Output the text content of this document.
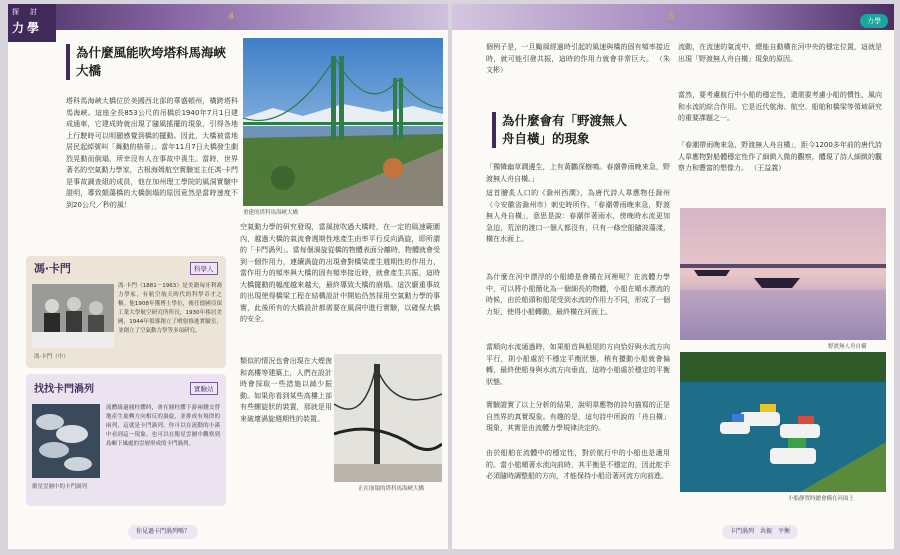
探　討
力學
4
為什麼風能吹垮塔科馬海峽
大橋
塔科馬海峽大橋位於美國西北部的華盛頓州，橫跨塔科馬海峽。這座全長853公尺的吊橋於1940年7月1日建成通車，它建成時就出現了隨風搖擺的現象，引得各地上行駛時可以明顯感覺到橋的擺動。因此，大橋被當地居民起綽號叫「舞動的格蒂」。當年11月7日大橋發生劇烈晃動而倒塌，所幸沒有人在事故中喪生。當時，世界著名的空氣動力學家，古根海姆航空實驗室主任馮‧卡門是事故調查組的成員，他在加州理工學院的風洞實驗中證明，導致顛蕩橋的大橋倒塌的原因竟然是當時速度不到20公尺／秒的風！
重建的塔科馬海峽大橋
馮‧卡門	科學人
馮‧卡門（中）
馮‧卡門（1881－1963）是美籍匈牙利裔力學家，有航空航天時代的科學奇才之稱。他1908年獲博士學位，後任德國亞琛工業大學航空研究所所長，1930年移居美國，1944年領導創立了噴射推進實驗室，並創立了空氣動力學等多項研究。
找找卡門渦列	實驗站
衛星雲圖中的卡門渦列
流體繞過圓柱體時，會在圓柱體下游兩側交替地產生旋轉方向相反的渦旋，並排成有規律的兩列，這就是卡門渦列。你可以在流動的小溪中看到這一現象，也可以在衛星雲圖中觀察到島嶼下風處的雲層形成的卡門渦列。
空氣動力學的研究發現，當風掠吹過大橋時，在一定的風速範圍內，越過大橋的氣流會週期性地產生由率平行反向渦旋，即所謂的「卡門渦列」。當每個渦旋從橋的物體表面分離時，物體就會受到一個作用力，連續渦旋的出現會對橋梁產生週期性的作用力，當作用力的頻率與大橋的固有頻率接近時，就會產生共振，這時大橋擺動的幅度越來越大，最終導致大橋的崩塌。這次嚴重事故的出現使得橋梁工程在結構設計中開始仍然採用空氣動力學的事實，此後所有的大橋設計都需要在風洞中進行實驗，以確保大橋的安全。
類似的情況也會出現在大煙囪和高樓等建築上，人們在設計時會採取一些措施以減少振動。如果你看到某些高樓上部有些螺旋狀的裝置，那就是用來破壞渦旋週期性的裝置。
正在崩塌的塔科馬海峽大橋
你見過卡門渦列嗎？
5	力學
個例子是，一旦颱風經過時引起的風速與橋的固有頻率接近時，就可能引發共振，這時的作用力就會非常巨大。 （朱文彬）
為什麼會有「野渡無人
舟自橫」的現象
「獨憐幽草澗邊生，上有黃鸝深樹鳴。春潮帶雨晚來急，野渡無人舟自橫。」
這首膾炙人口的《滁州西澗》，為唐代詩人韋應物任滁州（今安徽省滁州市）刺史時所作。「春潮帶雨晚來急，野渡無人舟自橫」，意思是說：春潮伴著雨水，傍晚時水流更加急迫，荒涼的渡口一個人都沒有，只有一條空船隨波蕩漾，橫在水面上。
為什麼在河中漂浮的小船總是會橫在河裡呢？在流體力學中，可以將小船簡化為一個細長的物體，小船在順水漂流的時候，由於船頭和船尾受到水流的作用力不同，形成了一個力矩，使得小船轉動，最終橫在河面上。
當順向水流通過時，如果船首與船尾的方向恰好與水流方向平行，則小船處於不穩定平衡狀態，稍有擾動小船就會偏轉，最終使船身與水流方向垂直，這時小船處於穩定的平衡狀態。
實驗證實了以上分析的結果，說明韋應物的詩句描寫的正是自然界的真實現象。有趣的是，這句詩中所說的「舟自橫」現象，其實是由流體力學規律決定的。
由於船舶在流體中的穩定性，對於航行中的小船也是適用的。當小船順著水流向前時，其平衡是不穩定的，因此舵手必須隨時調整船的方向，才能保持小船沿著河流方向前進。
流動，在流速的氣流中，總能自動橫在河中央的穩定位置，這就是出現「野渡無人舟自橫」現象的原因。
當然，要考慮航行中小船的穩定性，還需要考慮小船的慣性、風向和水流的綜合作用。它是近代航海、航空、船舶和橋梁等領域研究的重要課題之一。
「春潮帶雨晚來急，野渡無人舟自橫」，距今1200多年前的唐代詩人韋應物對船體穩定性作了細緻入微的觀察，體現了詩人細緻的觀察力和豐富的想像力。 （王益義）
野渡無人舟自橫
小船靜置時總會橫在河面上
卡門渦列　共振　平衡
